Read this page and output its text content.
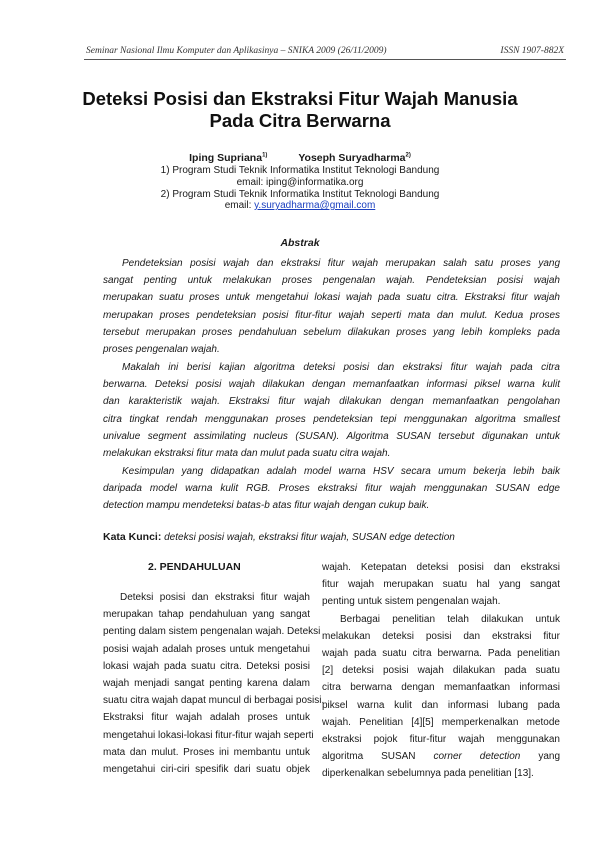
Seminar Nasional Ilmu Komputer dan Aplikasinya – SNIKA 2009 (26/11/2009)	ISSN 1907-882X
Deteksi Posisi dan Ekstraksi Fitur Wajah Manusia
Pada Citra Berwarna
Iping Supriana$^{1)}$	Yoseph Suryadharma$^{2)}$
1) Program Studi Teknik Informatika Institut Teknologi Bandung
email: iping@informatika.org
2) Program Studi Teknik Informatika Institut Teknologi Bandung
email: y.suryadharma@gmail.com
Abstrak
Pendeteksian posisi wajah dan ekstraksi fitur wajah merupakan salah satu proses yang
sangat penting untuk melakukan proses pengenalan wajah. Pendeteksian posisi wajah
merupakan suatu proses untuk mengetahui lokasi wajah pada suatu citra. Ekstraksi fitur wajah
merupakan proses pendeteksian posisi fitur-fitur wajah seperti mata dan mulut. Kedua proses
tersebut merupakan proses pendahuluan sebelum dilakukan proses yang lebih kompleks pada
proses pengenalan wajah.
Makalah ini berisi kajian algoritma deteksi posisi dan ekstraksi fitur wajah pada citra
berwarna. Deteksi posisi wajah dilakukan dengan memanfaatkan informasi piksel warna kulit
dan karakteristik wajah. Ekstraksi fitur wajah dilakukan dengan memanfaatkan pengolahan
citra tingkat rendah menggunakan proses pendeteksian tepi menggunakan algoritma smallest
univalue segment assimilating nucleus (SUSAN). Algoritma SUSAN tersebut digunakan untuk
melakukan ekstraksi fitur mata dan mulut pada suatu citra wajah.
Kesimpulan yang didapatkan adalah model warna HSV secara umum bekerja lebih baik
daripada model warna kulit RGB. Proses ekstraksi fitur wajah menggunakan SUSAN edge
detection mampu mendeteksi batas-b atas fitur wajah dengan cukup baik.
Kata Kunci: deteksi posisi wajah, ekstraksi fitur wajah, SUSAN edge detection
2. PENDAHULUAN
Deteksi posisi dan ekstraksi fitur wajah
merupakan tahap pendahuluan yang sangat
penting dalam sistem pengenalan wajah. Deteksi
posisi wajah adalah proses untuk mengetahui
lokasi wajah pada suatu citra. Deteksi posisi
wajah menjadi sangat penting karena dalam
suatu citra wajah dapat muncul di berbagai posisi.
Ekstraksi fitur wajah adalah proses untuk
mengetahui lokasi-lokasi fitur-fitur wajah seperti
mata dan mulut. Proses ini membantu untuk
mengetahui ciri-ciri spesifik dari suatu objek
wajah. Ketepatan deteksi posisi dan ekstraksi
fitur wajah merupakan suatu hal yang sangat
penting untuk sistem pengenalan wajah.
Berbagai penelitian telah dilakukan untuk
melakukan deteksi posisi dan ekstraksi fitur
wajah pada suatu citra berwarna. Pada penelitian
[2] deteksi posisi wajah dilakukan pada suatu
citra berwarna dengan memanfaatkan informasi
piksel warna kulit dan informasi lubang pada
wajah. Penelitian [4][5] memperkenalkan metode
ekstraksi pojok fitur-fitur wajah menggunakan
algoritma SUSAN corner detection yang
diperkenalkan sebelumnya pada penelitian [13].
